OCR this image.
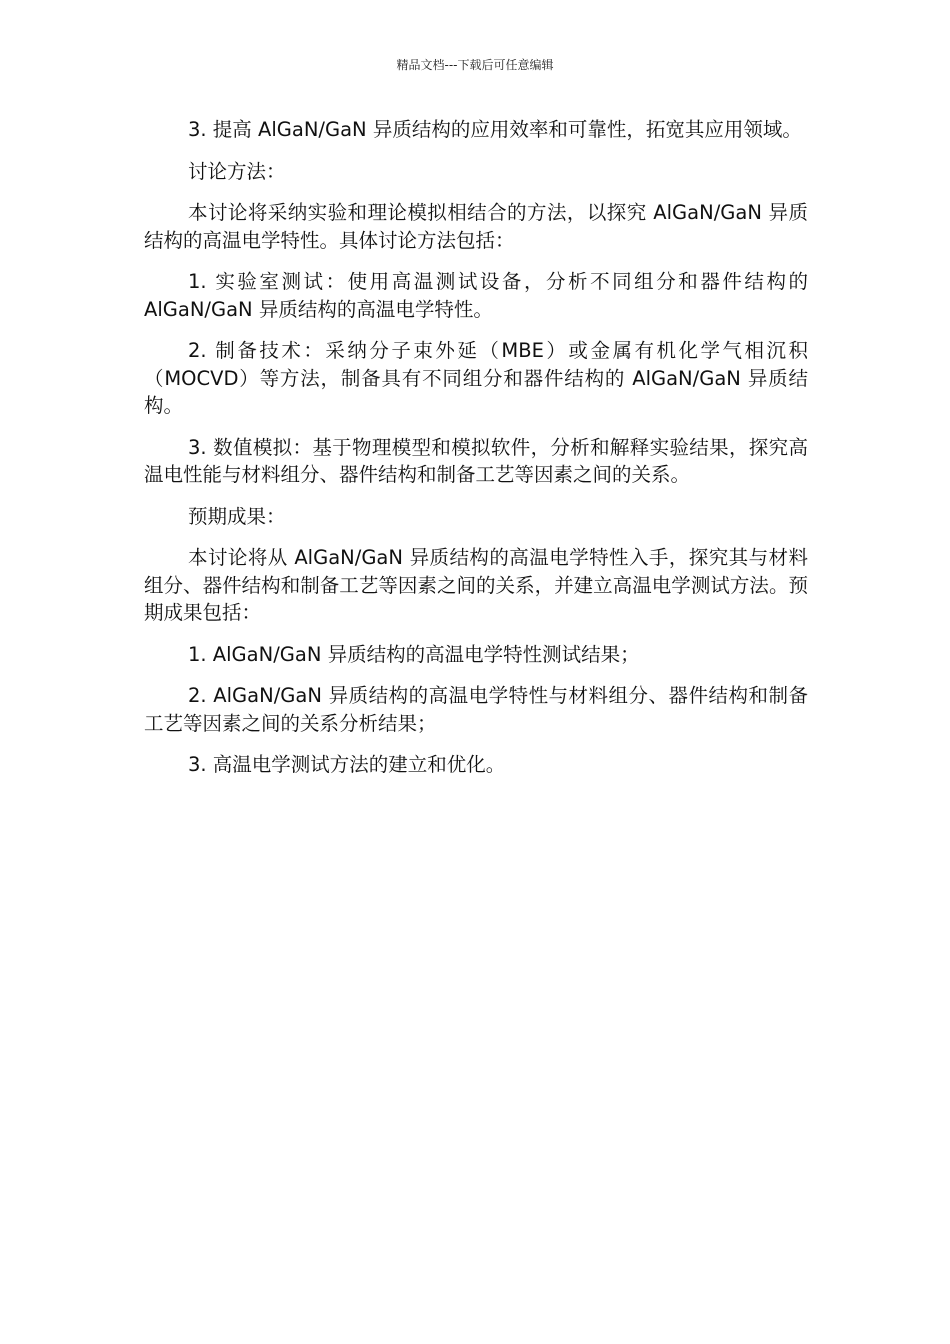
精品文档---下载后可任意编辑

3. 提高 AlGaN/GaN 异质结构的应用效率和可靠性，拓宽其应用领域。

讨论方法：

本讨论将采纳实验和理论模拟相结合的方法，以探究 AlGaN/GaN 异质结构的高温电学特性。具体讨论方法包括：

1. 实验室测试：使用高温测试设备，分析不同组分和器件结构的 AlGaN/GaN 异质结构的高温电学特性。

2. 制备技术：采纳分子束外延（MBE）或金属有机化学气相沉积（MOCVD）等方法，制备具有不同组分和器件结构的 AlGaN/GaN 异质结构。

3. 数值模拟：基于物理模型和模拟软件，分析和解释实验结果，探究高温电性能与材料组分、器件结构和制备工艺等因素之间的关系。

预期成果：

本讨论将从 AlGaN/GaN 异质结构的高温电学特性入手，探究其与材料组分、器件结构和制备工艺等因素之间的关系，并建立高温电学测试方法。预期成果包括：

1. AlGaN/GaN 异质结构的高温电学特性测试结果；

2. AlGaN/GaN 异质结构的高温电学特性与材料组分、器件结构和制备工艺等因素之间的关系分析结果；

3. 高温电学测试方法的建立和优化。
